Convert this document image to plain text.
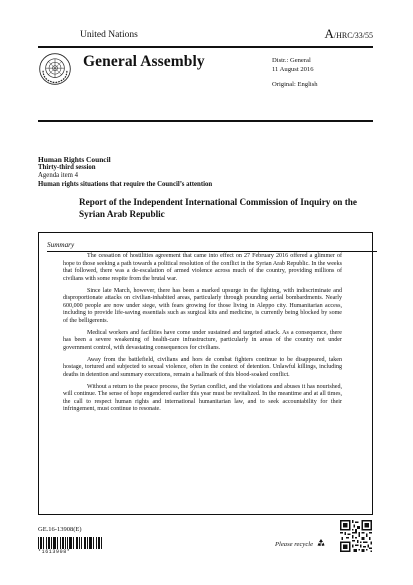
United Nations	A/HRC/33/55
General Assembly	Distr.: General
11 August 2016
Original: English
Human Rights Council
Thirty-third session
Agenda item 4
Human rights situations that require the Council’s attention
Report of the Independent International Commission of Inquiry on the Syrian Arab Republic
Summary

The cessation of hostilities agreement that came into effect on 27 February 2016 offered a glimmer of hope to those seeking a path towards a political resolution of the conflict in the Syrian Arab Republic. In the weeks that followed, there was a de-escalation of armed violence across much of the country, providing millions of civilians with some respite from the brutal war.

Since late March, however, there has been a marked upsurge in the fighting, with indiscriminate and disproportionate attacks on civilian-inhabited areas, particularly through pounding aerial bombardments. Nearly 600,000 people are now under siege, with fears growing for those living in Aleppo city. Humanitarian access, including to provide life-saving essentials such as surgical kits and medicine, is currently being blocked by some of the belligerents.

Medical workers and facilities have come under sustained and targeted attack. As a consequence, there has been a severe weakening of health-care infrastructure, particularly in areas of the country not under government control, with devastating consequences for civilians.

Away from the battlefield, civilians and hors de combat fighters continue to be disappeared, taken hostage, tortured and subjected to sexual violence, often in the context of detention. Unlawful killings, including deaths in detention and summary executions, remain a hallmark of this blood-soaked conflict.

Without a return to the peace process, the Syrian conflict, and the violations and abuses it has nourished, will continue. The sense of hope engendered earlier this year must be revitalized. In the meantime and at all times, the call to respect human rights and international humanitarian law, and to seek accountability for their infringement, must continue to resonate.

GE.16-13908(E)
*1613908*
Please recycle
